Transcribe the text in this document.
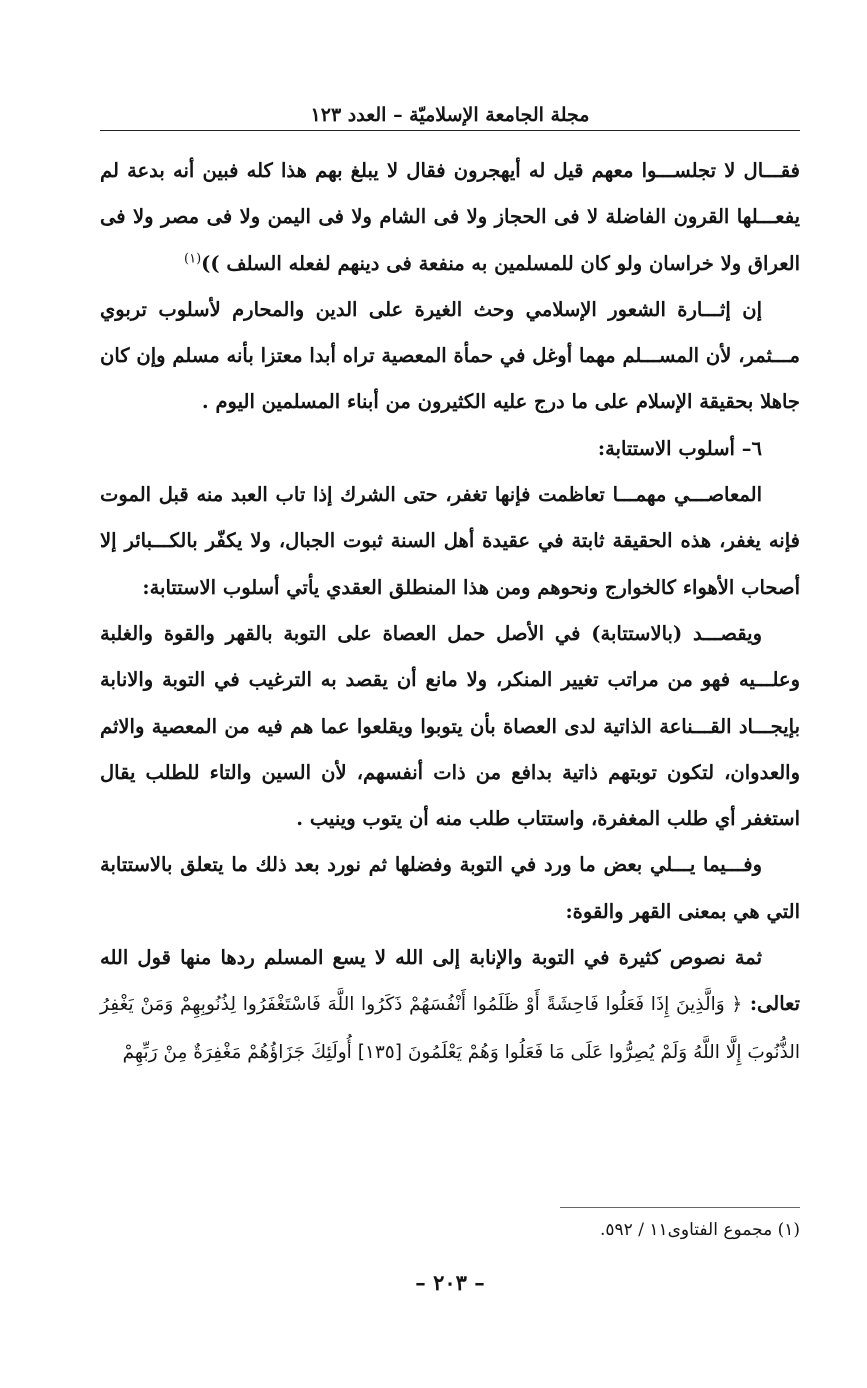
مجلة الجامعة الإسلاميّة – العدد ١٢٣

فقـــال لا تجلســـوا معهم قيل له أيهجرون فقال لا يبلغ بهم هذا كله فبين أنه بدعة لم يفعـــلها القرون الفاضلة لا فى الحجاز ولا فى الشام ولا فى اليمن ولا فى مصر ولا فى العراق ولا خراسان ولو كان للمسلمين به منفعة فى دينهم لفعله السلف ))$^{(١)}$

إن إثـــارة الشعور الإسلامي وحث الغيرة على الدين والمحارم لأسلوب تربوي مـــثمر، لأن المســـلم مهما أوغل في حمأة المعصية تراه أبدا معتزا بأنه مسلم وإن كان جاهلا بحقيقة الإسلام على ما درج عليه الكثيرون من أبناء المسلمين اليوم .

٦– أسلوب الاستتابة:

المعاصـــي مهمـــا تعاظمت فإنها تغفر، حتى الشرك إذا تاب العبد منه قبل الموت فإنه يغفر، هذه الحقيقة ثابتة في عقيدة أهل السنة ثبوت الجبال، ولا يكفّر بالكـــبائر إلا أصحاب الأهواء كالخوارج ونحوهم ومن هذا المنطلق العقدي يأتي أسلوب الاستتابة:

ويقصـــد (بالاستتابة) في الأصل حمل العصاة على التوبة بالقهر والقوة والغلبة وعلـــيه فهو من مراتب تغيير المنكر، ولا مانع أن يقصد به الترغيب في التوبة والانابة بإيجـــاد القـــناعة الذاتية لدى العصاة بأن يتوبوا ويقلعوا عما هم فيه من المعصية والاثم والعدوان، لتكون توبتهم ذاتية بدافع من ذات أنفسهم، لأن السين والتاء للطلب يقال استغفر أي طلب المغفرة، واستتاب طلب منه أن يتوب وينيب .

وفـــيما يـــلي بعض ما ورد في التوبة وفضلها ثم نورد بعد ذلك ما يتعلق بالاستتابة التي هي بمعنى القهر والقوة:

ثمة نصوص كثيرة في التوبة والإنابة إلى الله لا يسع المسلم ردها منها قول الله تعالى: ﴿ وَالَّذِينَ إِذَا فَعَلُوا فَاحِشَةً أَوْ ظَلَمُوا أَنْفُسَهُمْ ذَكَرُوا اللَّهَ فَاسْتَغْفَرُوا لِذُنُوبِهِمْ وَمَنْ يَغْفِرُ الذُّنُوبَ إِلَّا اللَّهُ وَلَمْ يُصِرُّوا عَلَى مَا فَعَلُوا وَهُمْ يَعْلَمُونَ [١٣٥] أُولَئِكَ جَزَاؤُهُمْ مَغْفِرَةٌ مِنْ رَبِّهِمْ

(١) مجموع الفتاوى١١ / ٥٩٢.
– ٢٠٣ –
